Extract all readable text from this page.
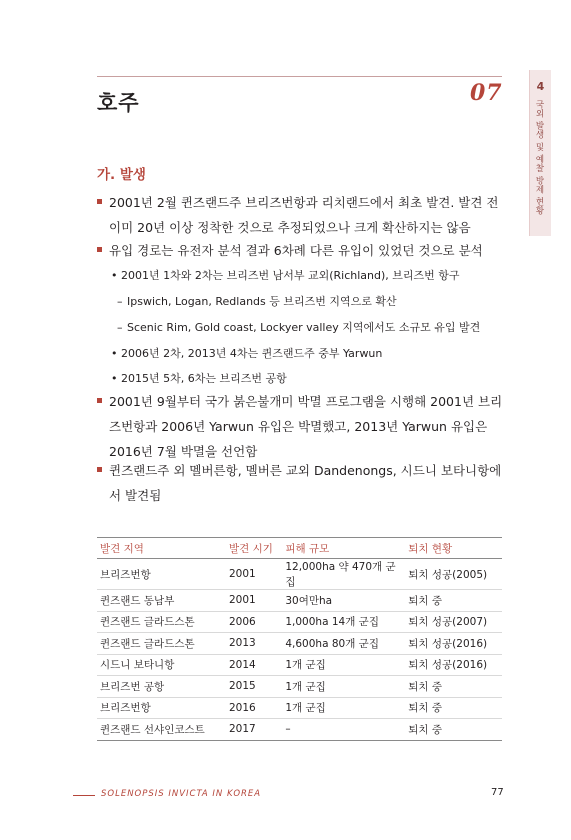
호주	07	4
국외 발생 및 예찰 방제 현황
가. 발생
2001년 2월 퀸즈랜드주 브리즈번항과 리치랜드에서 최초 발견. 발견 전 이미 20년 이상 정착한 것으로 추정되었으나 크게 확산하지는 않음
유입 경로는 유전자 분석 결과 6차례 다른 유입이 있었던 것으로 분석
• 2001년 1차와 2차는 브리즈번 남서부 교외(Richland), 브리즈번 항구
– Ipswich, Logan, Redlands 등 브리즈번 지역으로 확산
– Scenic Rim, Gold coast, Lockyer valley 지역에서도 소규모 유입 발견
• 2006년 2차, 2013년 4차는 퀸즈랜드주 중부 Yarwun
• 2015년 5차, 6차는 브리즈번 공항
2001년 9월부터 국가 붉은불개미 박멸 프로그램을 시행해 2001년 브리즈번항과 2006년 Yarwun 유입은 박멸했고, 2013년 Yarwun 유입은 2016년 7월 박멸을 선언함
퀸즈랜드주 외 멜버른항, 멜버른 교외 Dandenongs, 시드니 보타니항에서 발견됨
발견 지역	발견 시기	피해 규모	퇴치 현황
브리즈번항	2001	12,000ha 약 470개 군집	퇴치 성공(2005)
퀸즈랜드 동남부	2001	30여만ha	퇴치 중
퀸즈랜드 글라드스톤	2006	1,000ha 14개 군집	퇴치 성공(2007)
퀸즈랜드 글라드스톤	2013	4,600ha 80개 군집	퇴치 성공(2016)
시드니 보타니항	2014	1개 군집	퇴치 성공(2016)
브리즈번 공항	2015	1개 군집	퇴치 중
브리즈번항	2016	1개 군집	퇴치 중
퀸즈랜드 선샤인코스트	2017	–	퇴치 중
SOLENOPSIS INVICTA IN KOREA	77
